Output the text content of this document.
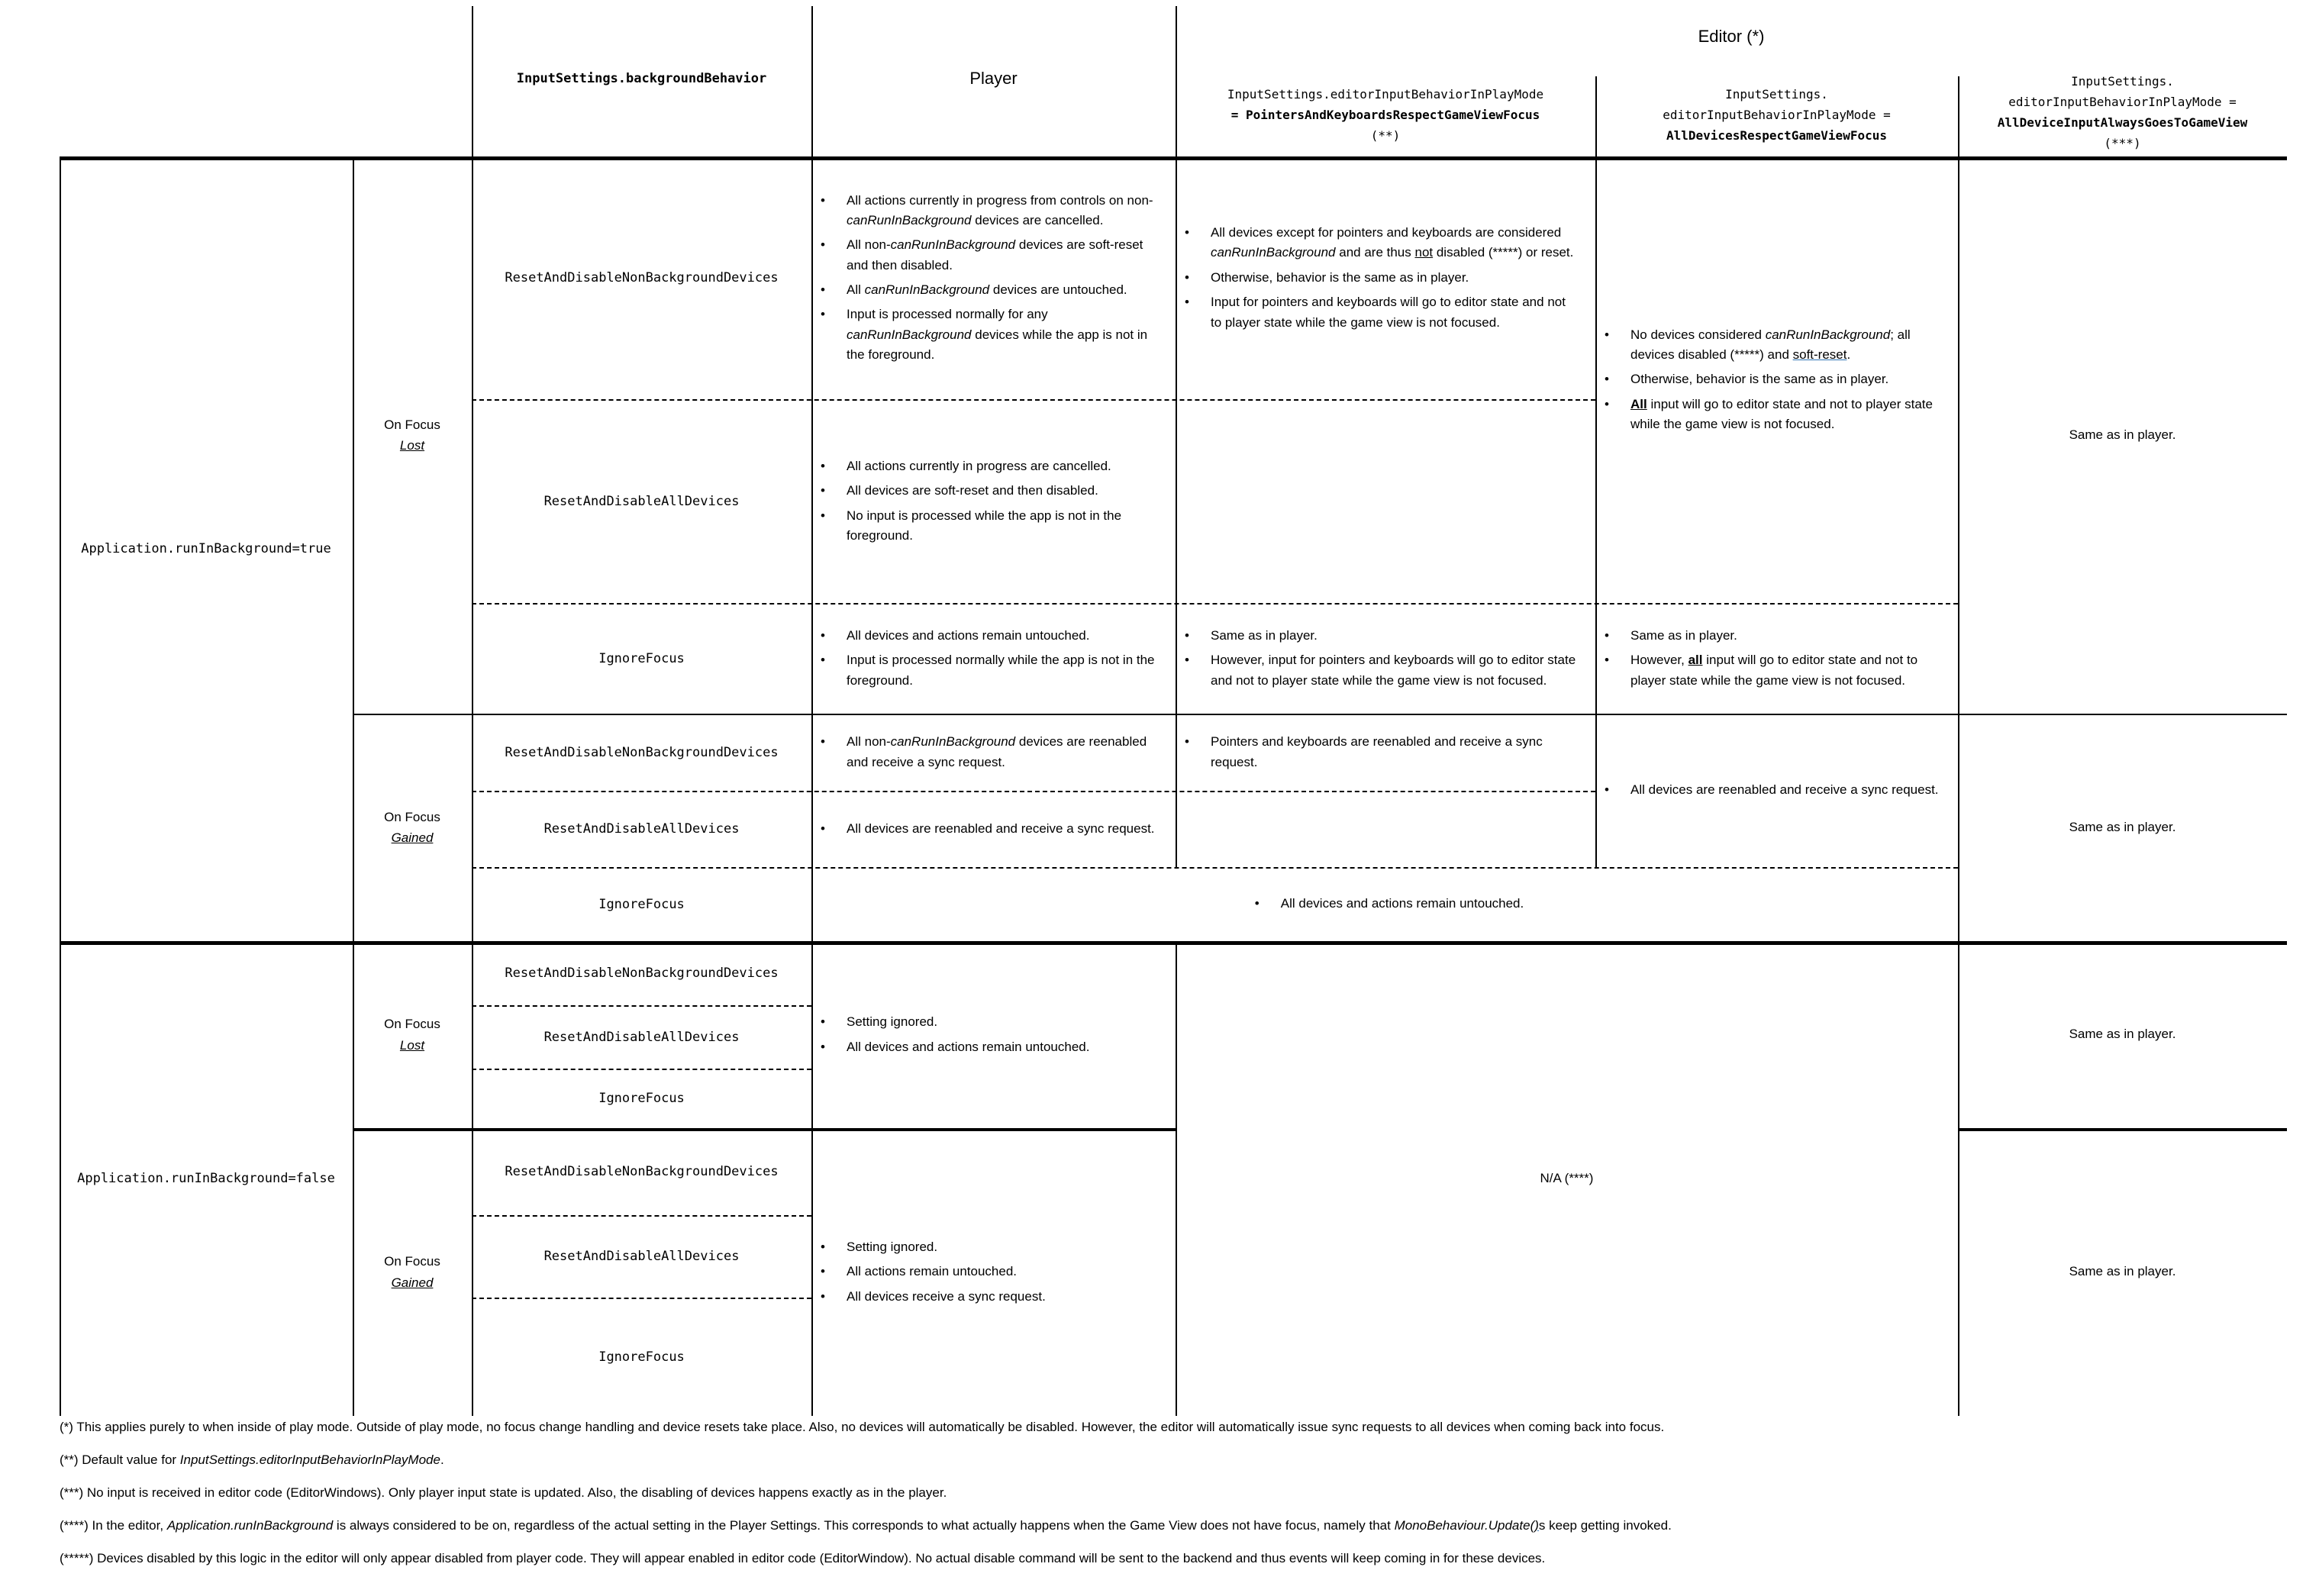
Editor (*)
InputSettings.backgroundBehavior	Player
InputSettings.editorInputBehaviorInPlayMode
= PointersAndKeyboardsRespectGameViewFocus
(**)
InputSettings.
editorInputBehaviorInPlayMode =
AllDevicesRespectGameViewFocus
InputSettings.
editorInputBehaviorInPlayMode =
AllDeviceInputAlwaysGoesToGameView
(***)
Application.runInBackground=true
Application.runInBackground=false
On Focus
Lost
On Focus
Gained
On Focus
Lost
On Focus
Gained
ResetAndDisableNonBackgroundDevices
ResetAndDisableAllDevices
IgnoreFocus
ResetAndDisableNonBackgroundDevices
ResetAndDisableAllDevices
IgnoreFocus
ResetAndDisableNonBackgroundDevices
ResetAndDisableAllDevices
IgnoreFocus
ResetAndDisableNonBackgroundDevices
ResetAndDisableAllDevices
IgnoreFocus
• All actions currently in progress from controls on non-canRunInBackground devices are cancelled.
• All non-canRunInBackground devices are soft-reset and then disabled.
• All canRunInBackground devices are untouched.
• Input is processed normally for any canRunInBackground devices while the app is not in the foreground.
• All actions currently in progress are cancelled.
• All devices are soft-reset and then disabled.
• No input is processed while the app is not in the foreground.
• All devices and actions remain untouched.
• Input is processed normally while the app is not in the foreground.
• All non-canRunInBackground devices are reenabled and receive a sync request.
• All devices are reenabled and receive a sync request.
• All devices except for pointers and keyboards are considered canRunInBackground and are thus not disabled (*****) or reset.
• Otherwise, behavior is the same as in player.
• Input for pointers and keyboards will go to editor state and not to player state while the game view is not focused.
• Same as in player.
• However, input for pointers and keyboards will go to editor state and not to player state while the game view is not focused.
• Pointers and keyboards are reenabled and receive a sync request.
• No devices considered canRunInBackground; all devices disabled (*****) and soft-reset.
• Otherwise, behavior is the same as in player.
• All input will go to editor state and not to player state while the game view is not focused.
• Same as in player.
• However, all input will go to editor state and not to player state while the game view is not focused.
• All devices are reenabled and receive a sync request.
• All devices and actions remain untouched.
Same as in player.
Same as in player.
• Setting ignored.
• All devices and actions remain untouched.
• Setting ignored.
• All actions remain untouched.
• All devices receive a sync request.
N/A (****)
Same as in player.
Same as in player.
(*) This applies purely to when inside of play mode. Outside of play mode, no focus change handling and device resets take place. Also, no devices will automatically be disabled. However, the editor will automatically issue sync requests to all devices when coming back into focus.
(**) Default value for InputSettings.editorInputBehaviorInPlayMode.
(***) No input is received in editor code (EditorWindows). Only player input state is updated. Also, the disabling of devices happens exactly as in the player.
(****) In the editor, Application.runInBackground is always considered to be on, regardless of the actual setting in the Player Settings. This corresponds to what actually happens when the Game View does not have focus, namely that MonoBehaviour.Update()s keep getting invoked.
(*****) Devices disabled by this logic in the editor will only appear disabled from player code. They will appear enabled in editor code (EditorWindow). No actual disable command will be sent to the backend and thus events will keep coming in for these devices.
